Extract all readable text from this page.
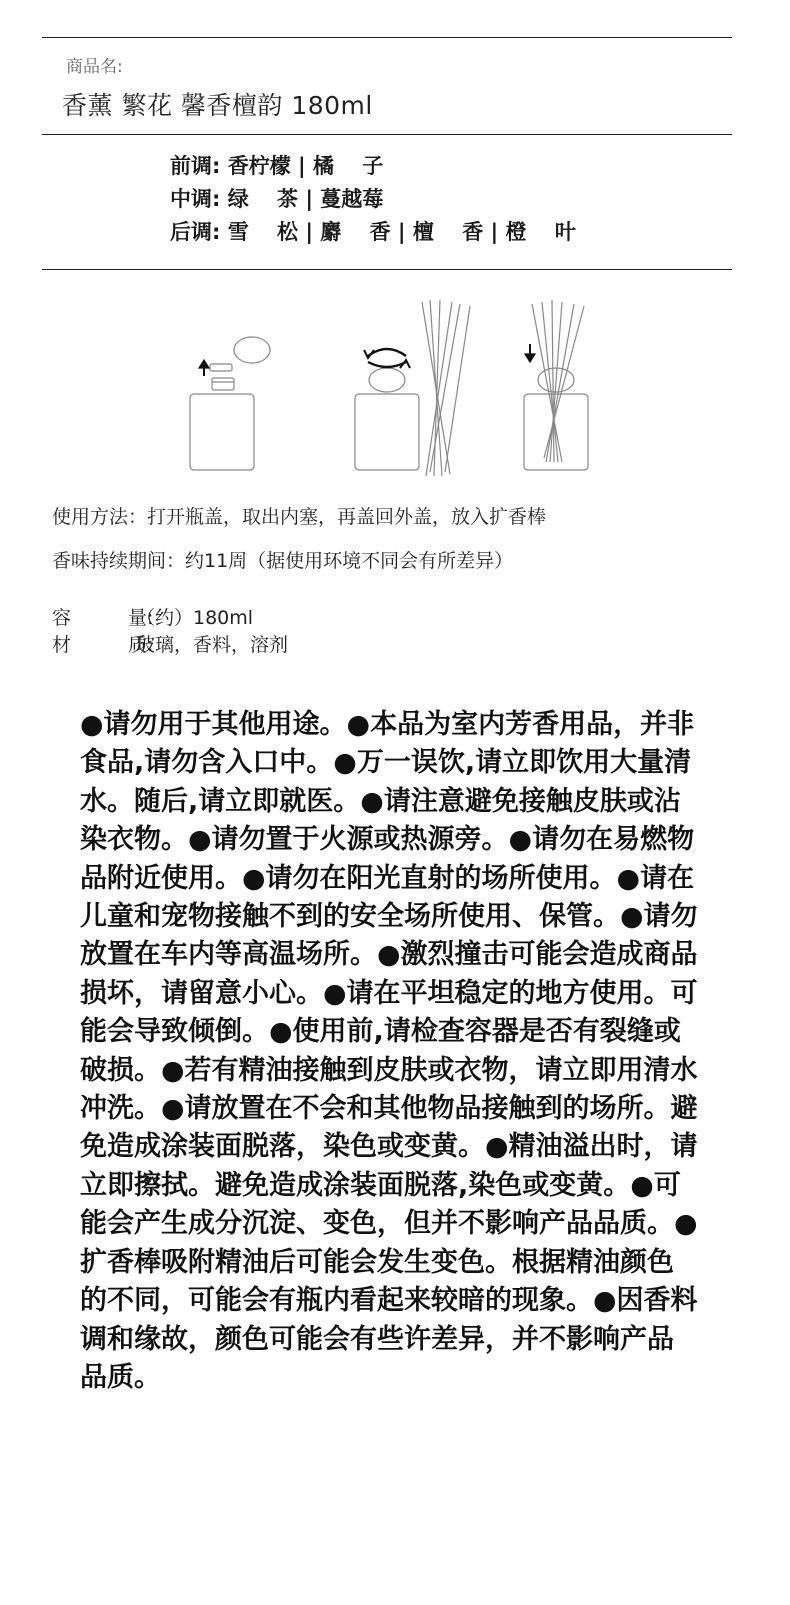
商品名:
香薰 繁花 馨香檀韵 180ml
前调: 香柠檬 | 橘 　子
中调: 绿 　茶 | 蔓越莓
后调: 雪 　松 | 麝 　香 | 檀 　香 | 橙 　叶
使用方法：打开瓶盖，取出内塞，再盖回外盖，放入扩香棒
香味持续期间：约11周（据使用环境不同会有所差异）
容　　　量:（约）180ml
材　　　质:玻璃，香料，溶剂
●请勿用于其他用途。●本品为室内芳香用品，并非食品,请勿含入口中。●万一误饮,请立即饮用大量清水。随后,请立即就医。●请注意避免接触皮肤或沾染衣物。●请勿置于火源或热源旁。●请勿在易燃物品附近使用。●请勿在阳光直射的场所使用。●请在儿童和宠物接触不到的安全场所使用、保管。●请勿放置在车内等高温场所。●激烈撞击可能会造成商品损坏，请留意小心。●请在平坦稳定的地方使用。可能会导致倾倒。●使用前,请检查容器是否有裂缝或破损。●若有精油接触到皮肤或衣物，请立即用清水冲洗。●请放置在不会和其他物品接触到的场所。避免造成涂装面脱落，染色或变黄。●精油溢出时，请立即擦拭。避免造成涂装面脱落,染色或变黄。●可能会产生成分沉淀、变色，但并不影响产品品质。●扩香棒吸附精油后可能会发生变色。根据精油颜色的不同，可能会有瓶内看起来较暗的现象。●因香料调和缘故，颜色可能会有些许差异，并不影响产品品质。
